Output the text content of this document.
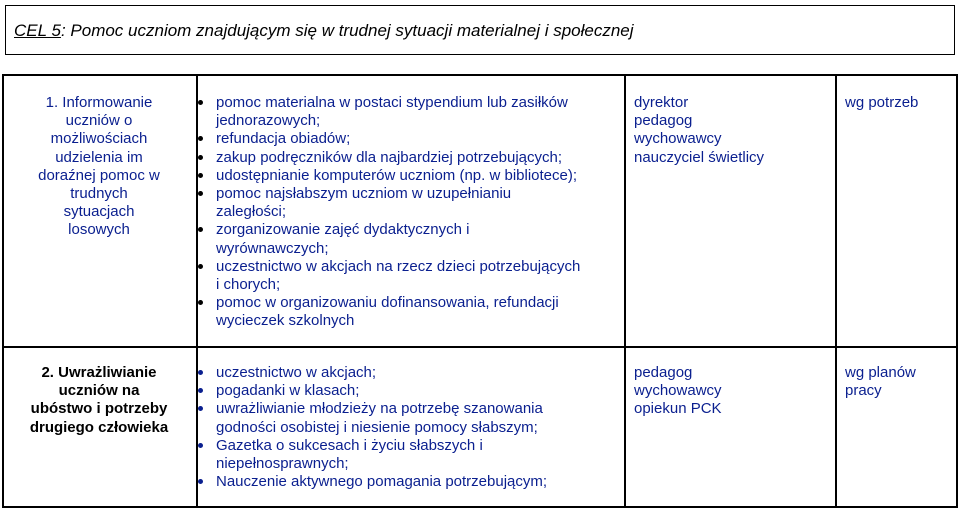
CEL 5: Pomoc uczniom znajdującym się w trudnej sytuacji materialnej i społecznej
1. Informowanie
uczniów o
możliwościach
udzielenia im
doraźnej pomoc w
trudnych
sytuacjach
losowych
pomoc materialna w postaci stypendium lub zasiłków
jednorazowych;
refundacja obiadów;
zakup podręczników dla najbardziej potrzebujących;
udostępnianie komputerów uczniom (np. w bibliotece);
pomoc najsłabszym uczniom w uzupełnianiu
zaległości;
zorganizowanie zajęć dydaktycznych i
wyrównawczych;
uczestnictwo w akcjach na rzecz dzieci potrzebujących
i chorych;
pomoc w organizowaniu dofinansowania, refundacji
wycieczek szkolnych
dyrektor
pedagog
wychowawcy
nauczyciel świetlicy
wg potrzeb
2. Uwrażliwianie
uczniów na
ubóstwo i potrzeby
drugiego człowieka
uczestnictwo w akcjach;
pogadanki w klasach;
uwrażliwianie młodzieży na potrzebę szanowania
godności osobistej i niesienie pomocy słabszym;
Gazetka o sukcesach i życiu słabszych i
niepełnosprawnych;
Nauczenie aktywnego pomagania potrzebującym;
pedagog
wychowawcy
opiekun PCK
wg planów
pracy
